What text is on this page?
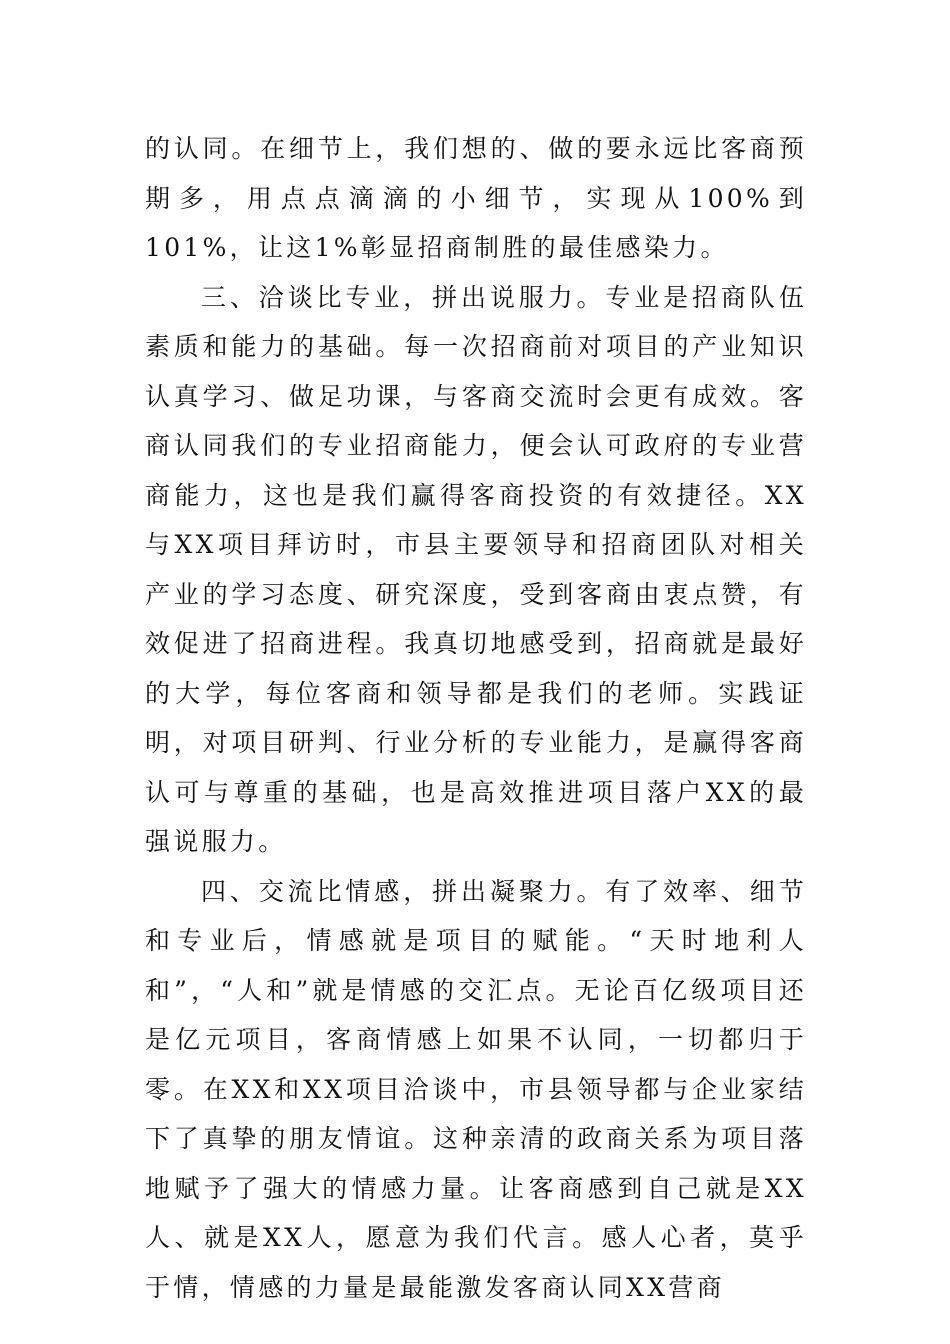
的认同。在细节上，我们想的、做的要永远比客商预期多，用点点滴滴的小细节，实现从100%到101%，让这1%彰显招商制胜的最佳感染力。

三、洽谈比专业，拼出说服力。专业是招商队伍素质和能力的基础。每一次招商前对项目的产业知识认真学习、做足功课，与客商交流时会更有成效。客商认同我们的专业招商能力，便会认可政府的专业营商能力，这也是我们赢得客商投资的有效捷径。XX与XX项目拜访时，市县主要领导和招商团队对相关产业的学习态度、研究深度，受到客商由衷点赞，有效促进了招商进程。我真切地感受到，招商就是最好的大学，每位客商和领导都是我们的老师。实践证明，对项目研判、行业分析的专业能力，是赢得客商认可与尊重的基础，也是高效推进项目落户XX的最强说服力。

四、交流比情感，拼出凝聚力。有了效率、细节和专业后，情感就是项目的赋能。“天时地利人和”，“人和”就是情感的交汇点。无论百亿级项目还是亿元项目，客商情感上如果不认同，一切都归于零。在XX和XX项目洽谈中，市县领导都与企业家结下了真挚的朋友情谊。这种亲清的政商关系为项目落地赋予了强大的情感力量。让客商感到自己就是XX人、就是XX人，愿意为我们代言。感人心者，莫乎于情，情感的力量是最能激发客商认同XX营商
